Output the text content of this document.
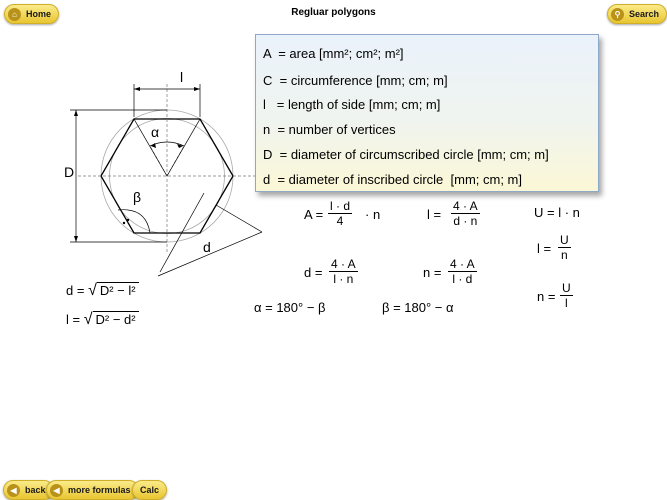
⌂	Home	Regluar polygons	⚲ Search
l
D
d
α
β
A = area [mm²; cm²; m²]
C = circumference [mm; cm; m]
l = length of side [mm; cm; m]
n = number of vertices
D = diameter of circumscribed circle [mm; cm; m]
d = diameter of inscribed circle  [mm; cm; m]
$A = \frac{l \cdot d}{4} \cdot n$	$l = \frac{4 \cdot A}{d \cdot n}$	U = l · n
$l = \frac{U}{n}$
$d = \frac{4 \cdot A}{l \cdot n}$	$n = \frac{4 \cdot A}{l \cdot d}$
$n = \frac{U}{l}$
α = 180° − β	β = 180° − α
d = √ D² − l²
l = √ D² − d²
◀ back ◀ more formulas Calc
